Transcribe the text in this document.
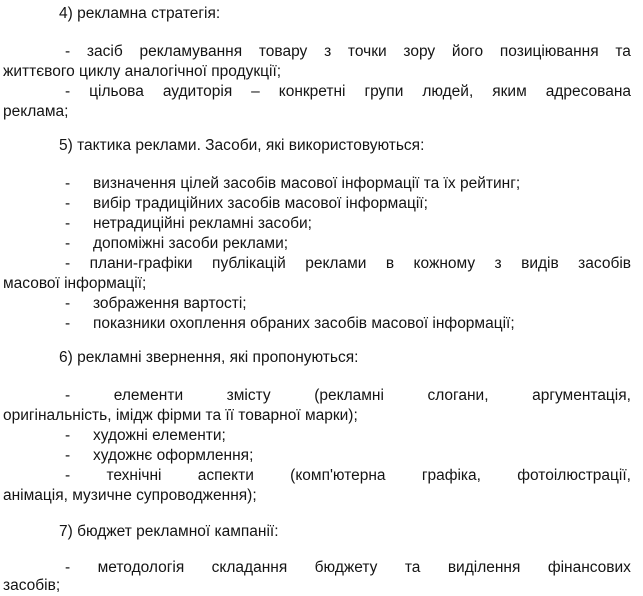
4) рекламна стратегія:
- засіб рекламування товару з точки зору його позиціювання та
життєвого циклу аналогічної продукції;
- цільова аудиторія – конкретні групи людей, яким адресована
реклама;
5) тактика реклами. Засоби, які використовуються:
- визначення цілей засобів масової інформації та їх рейтинг;
- вибір традиційних засобів масової інформації;
- нетрадиційні рекламні засоби;
- допоміжні засоби реклами;
- плани-графіки публікацій реклами в кожному з видів засобів
масової інформації;
- зображення вартості;
- показники охоплення обраних засобів масової інформації;
6) рекламні звернення, які пропонуються:
-	елементи	змісту	(рекламні	слогани,	аргументація,
оригінальність, імідж фірми та її товарної марки);
- художні елементи;
- художнє оформлення;
- технічні аспекти (комп'ютерна графіка, фотоілюстрації,
анімація, музичне супроводження);
7) бюджет рекламної кампанії:
- методологія складання бюджету та виділення фінансових
засобів;
